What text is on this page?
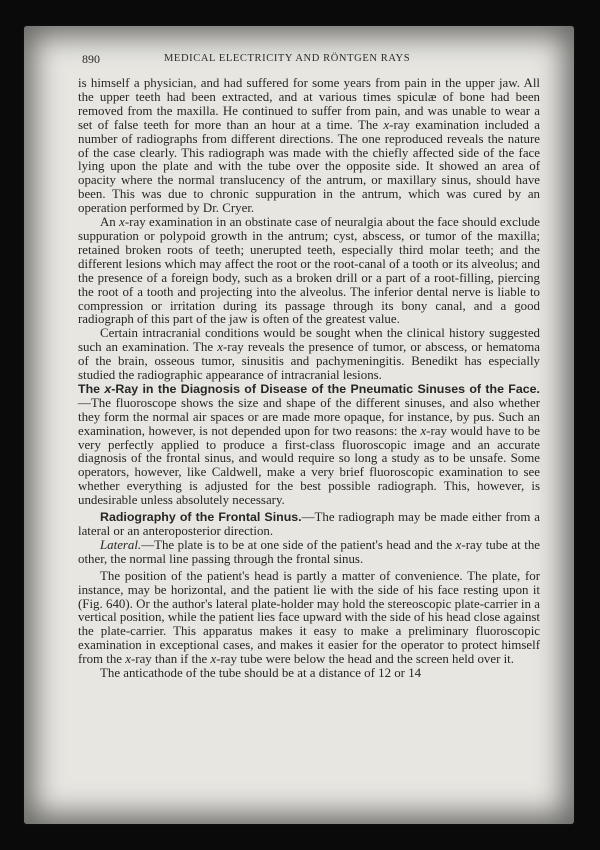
890	MEDICAL ELECTRICITY AND RÖNTGEN RAYS

is himself a physician, and had suffered for some years from pain in the upper jaw. All the upper teeth had been extracted, and at various times spiculæ of bone had been removed from the maxilla. He continued to suffer from pain, and was unable to wear a set of false teeth for more than an hour at a time. The x-ray examination included a number of radiographs from different directions. The one reproduced reveals the nature of the case clearly. This radiograph was made with the chiefly affected side of the face lying upon the plate and with the tube over the opposite side. It showed an area of opacity where the normal translucency of the antrum, or maxillary sinus, should have been. This was due to chronic suppuration in the antrum, which was cured by an operation performed by Dr. Cryer.

An x-ray examination in an obstinate case of neuralgia about the face should exclude suppuration or polypoid growth in the antrum; cyst, abscess, or tumor of the maxilla; retained broken roots of teeth; unerupted teeth, especially third molar teeth; and the different lesions which may affect the root or the root-canal of a tooth or its alveolus; and the presence of a foreign body, such as a broken drill or a part of a root-filling, piercing the root of a tooth and projecting into the alveolus. The inferior dental nerve is liable to compression or irritation during its passage through its bony canal, and a good radiograph of this part of the jaw is often of the greatest value.

Certain intracranial conditions would be sought when the clinical history suggested such an examination. The x-ray reveals the presence of tumor, or abscess, or hematoma of the brain, osseous tumor, sinusitis and pachymeningitis. Benedikt has especially studied the radiographic appearance of intracranial lesions.

The x-Ray in the Diagnosis of Disease of the Pneumatic Sinuses of the Face.—The fluoroscope shows the size and shape of the different sinuses, and also whether they form the normal air spaces or are made more opaque, for instance, by pus. Such an examination, however, is not depended upon for two reasons: the x-ray would have to be very perfectly applied to produce a first-class fluoroscopic image and an accurate diagnosis of the frontal sinus, and would require so long a study as to be unsafe. Some operators, however, like Caldwell, make a very brief fluoroscopic examination to see whether everything is adjusted for the best possible radiograph. This, however, is undesirable unless absolutely necessary.

Radiography of the Frontal Sinus.—The radiograph may be made either from a lateral or an anteroposterior direction.

Lateral.—The plate is to be at one side of the patient's head and the x-ray tube at the other, the normal line passing through the frontal sinus.

The position of the patient's head is partly a matter of convenience. The plate, for instance, may be horizontal, and the patient lie with the side of his face resting upon it (Fig. 640). Or the author's lateral plate-holder may hold the stereoscopic plate-carrier in a vertical position, while the patient lies face upward with the side of his head close against the plate-carrier. This apparatus makes it easy to make a preliminary fluoroscopic examination in exceptional cases, and makes it easier for the operator to protect himself from the x-ray than if the x-ray tube were below the head and the screen held over it.

The anticathode of the tube should be at a distance of 12 or 14
